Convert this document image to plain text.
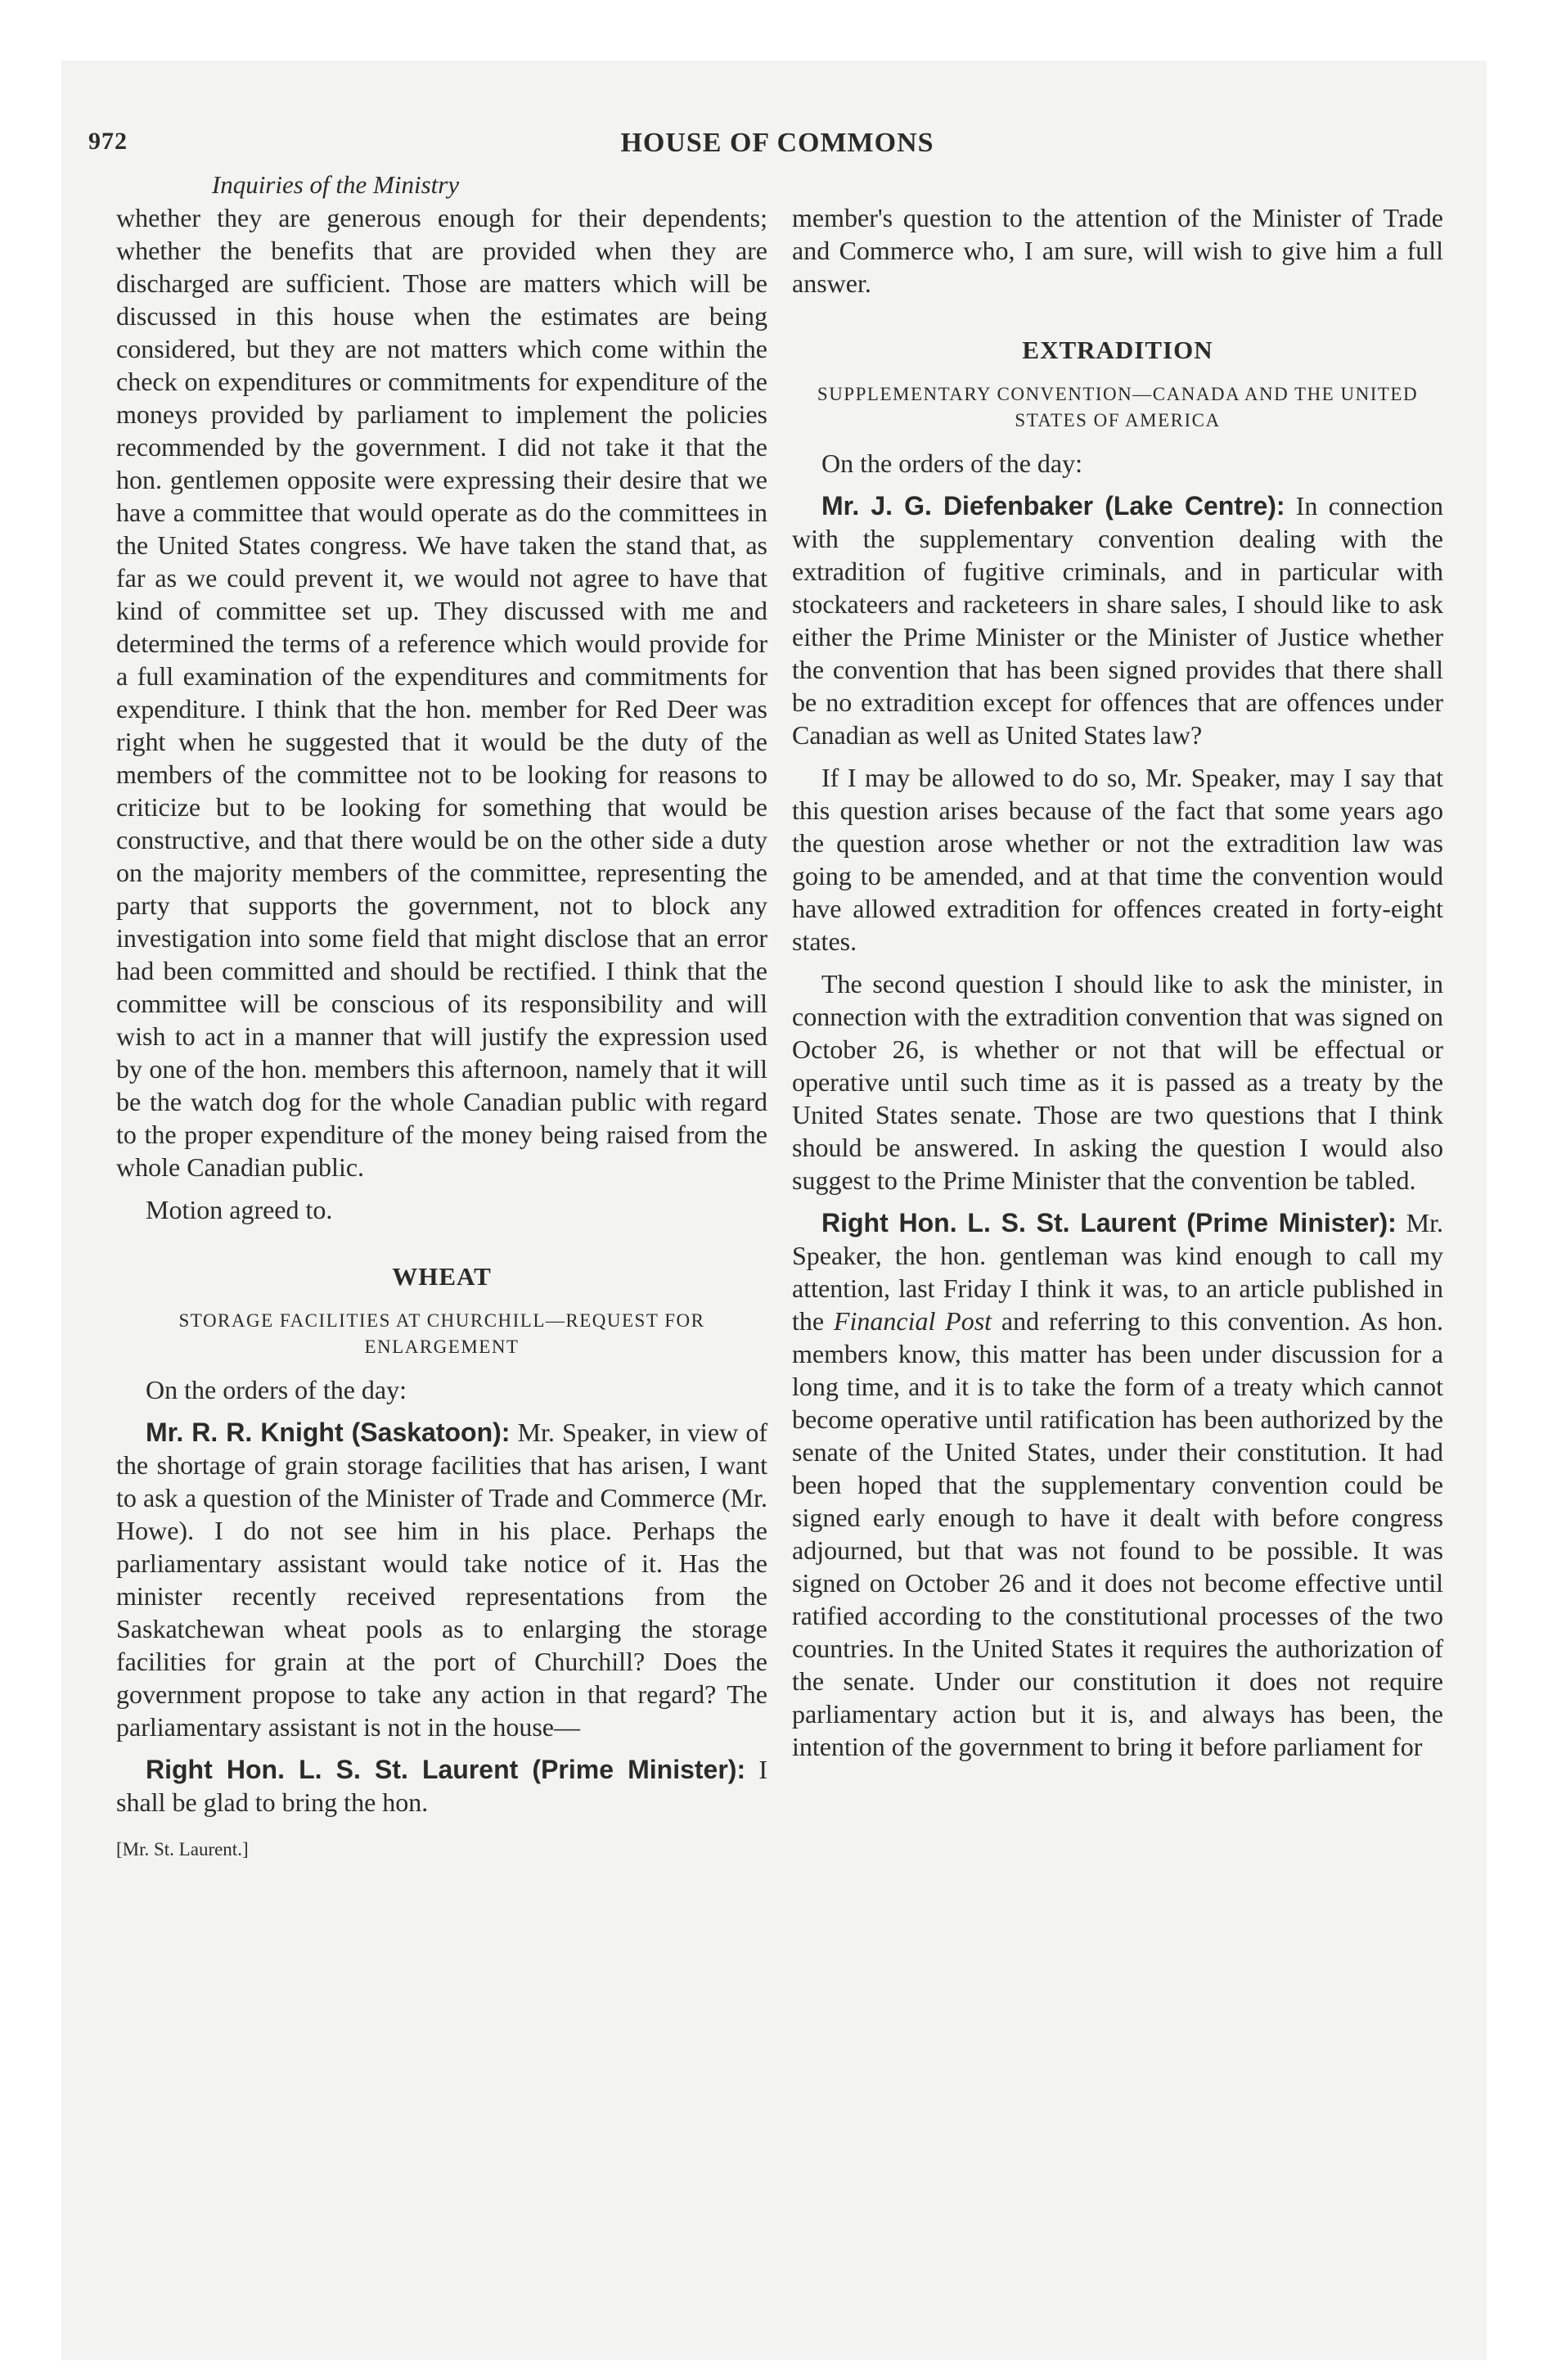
972	HOUSE OF COMMONS
Inquiries of the Ministry

whether they are generous enough for their dependents; whether the benefits that are provided when they are discharged are sufficient. Those are matters which will be discussed in this house when the estimates are being considered, but they are not matters which come within the check on expenditures or commitments for expenditure of the moneys provided by parliament to implement the policies recommended by the government. I did not take it that the hon. gentlemen opposite were expressing their desire that we have a committee that would operate as do the committees in the United States congress. We have taken the stand that, as far as we could prevent it, we would not agree to have that kind of committee set up. They discussed with me and determined the terms of a reference which would provide for a full examination of the expenditures and commitments for expenditure. I think that the hon. member for Red Deer was right when he suggested that it would be the duty of the members of the committee not to be looking for reasons to criticize but to be looking for something that would be constructive, and that there would be on the other side a duty on the majority members of the committee, representing the party that supports the government, not to block any investigation into some field that might disclose that an error had been committed and should be rectified. I think that the committee will be conscious of its responsibility and will wish to act in a manner that will justify the expression used by one of the hon. members this afternoon, namely that it will be the watch dog for the whole Canadian public with regard to the proper expenditure of the money being raised from the whole Canadian public.

Motion agreed to.

WHEAT
STORAGE FACILITIES AT CHURCHILL—REQUEST FOR ENLARGEMENT

On the orders of the day:

Mr. R. R. Knight (Saskatoon): Mr. Speaker, in view of the shortage of grain storage facilities that has arisen, I want to ask a question of the Minister of Trade and Commerce (Mr. Howe). I do not see him in his place. Perhaps the parliamentary assistant would take notice of it. Has the minister recently received representations from the Saskatchewan wheat pools as to enlarging the storage facilities for grain at the port of Churchill? Does the government propose to take any action in that regard? The parliamentary assistant is not in the house—

Right Hon. L. S. St. Laurent (Prime Minister): I shall be glad to bring the hon.

[Mr. St. Laurent.]

member's question to the attention of the Minister of Trade and Commerce who, I am sure, will wish to give him a full answer.

EXTRADITION
SUPPLEMENTARY CONVENTION—CANADA AND THE UNITED STATES OF AMERICA

On the orders of the day:

Mr. J. G. Diefenbaker (Lake Centre): In connection with the supplementary convention dealing with the extradition of fugitive criminals, and in particular with stockateers and racketeers in share sales, I should like to ask either the Prime Minister or the Minister of Justice whether the convention that has been signed provides that there shall be no extradition except for offences that are offences under Canadian as well as United States law?

If I may be allowed to do so, Mr. Speaker, may I say that this question arises because of the fact that some years ago the question arose whether or not the extradition law was going to be amended, and at that time the convention would have allowed extradition for offences created in forty-eight states.

The second question I should like to ask the minister, in connection with the extradition convention that was signed on October 26, is whether or not that will be effectual or operative until such time as it is passed as a treaty by the United States senate. Those are two questions that I think should be answered. In asking the question I would also suggest to the Prime Minister that the convention be tabled.

Right Hon. L. S. St. Laurent (Prime Minister): Mr. Speaker, the hon. gentleman was kind enough to call my attention, last Friday I think it was, to an article published in the Financial Post and referring to this convention. As hon. members know, this matter has been under discussion for a long time, and it is to take the form of a treaty which cannot become operative until ratification has been authorized by the senate of the United States, under their constitution. It had been hoped that the supplementary convention could be signed early enough to have it dealt with before congress adjourned, but that was not found to be possible. It was signed on October 26 and it does not become effective until ratified according to the constitutional processes of the two countries. In the United States it requires the authorization of the senate. Under our constitution it does not require parliamentary action but it is, and always has been, the intention of the government to bring it before parliament for
